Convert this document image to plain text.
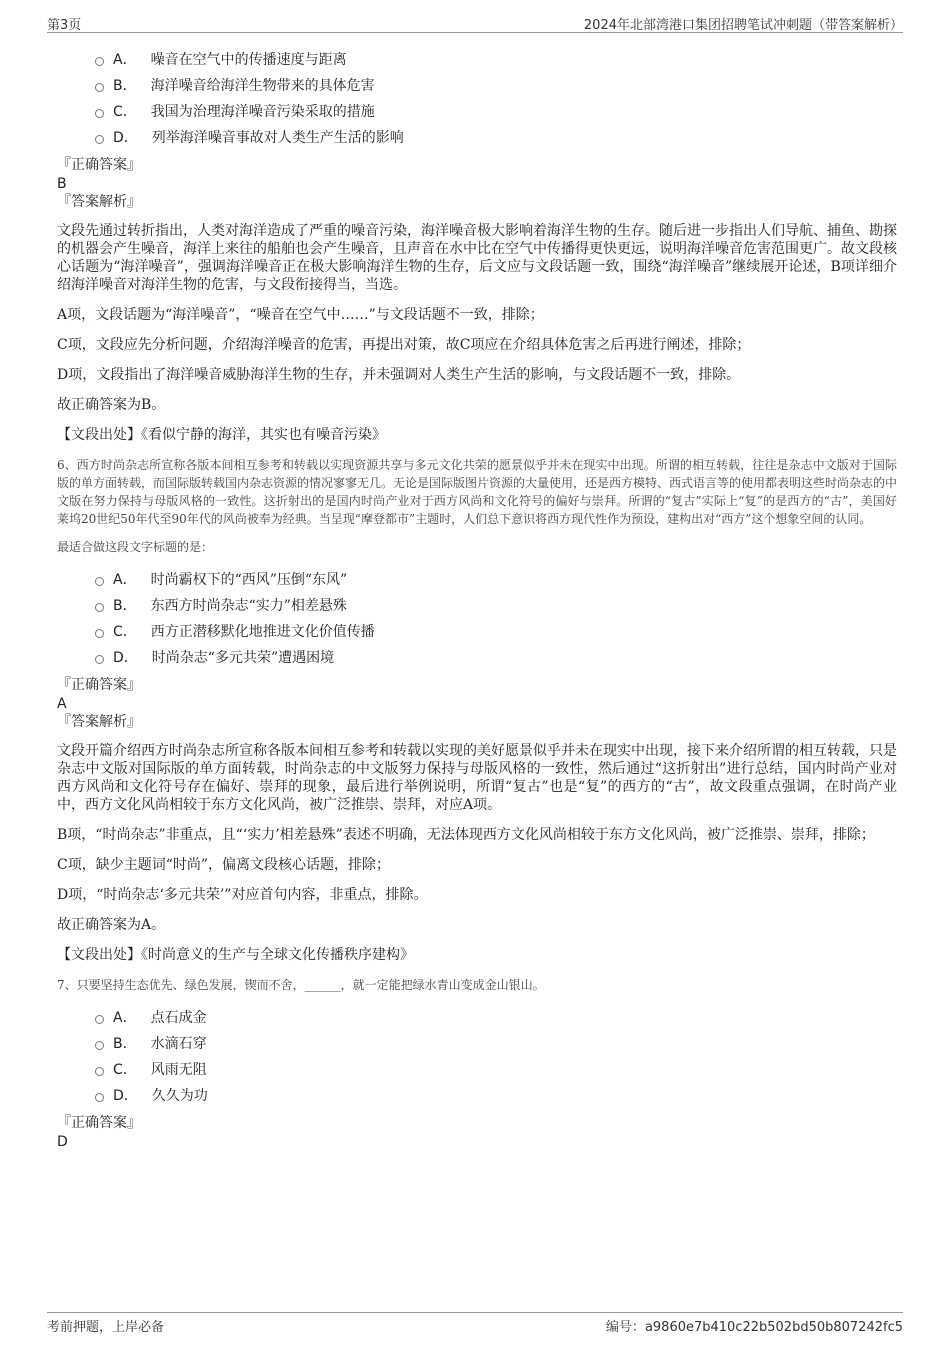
第3页	2024年北部湾港口集团招聘笔试冲刺题（带答案解析）
A． 噪音在空气中的传播速度与距离
B． 海洋噪音给海洋生物带来的具体危害
C． 我国为治理海洋噪音污染采取的措施
D． 列举海洋噪音事故对人类生产生活的影响
『正确答案』
B
『答案解析』

文段先通过转折指出，人类对海洋造成了严重的噪音污染，海洋噪音极大影响着海洋生物的生存。随后进一步指出人们导航、捕鱼、勘探的机器会产生噪音，海洋上来往的船舶也会产生噪音，且声音在水中比在空气中传播得更快更远，说明海洋噪音危害范围更广。故文段核心话题为“海洋噪音”，强调海洋噪音正在极大影响海洋生物的生存，后文应与文段话题一致，围绕“海洋噪音”继续展开论述，B项详细介绍海洋噪音对海洋生物的危害，与文段衔接得当，当选。

A项，文段话题为“海洋噪音”，“噪音在空气中……”与文段话题不一致，排除；

C项，文段应先分析问题，介绍海洋噪音的危害，再提出对策，故C项应在介绍具体危害之后再进行阐述，排除；

D项，文段指出了海洋噪音威胁海洋生物的生存，并未强调对人类生产生活的影响，与文段话题不一致，排除。

故正确答案为B。

【文段出处】《看似宁静的海洋，其实也有噪音污染》

6、西方时尚杂志所宣称各版本间相互参考和转载以实现资源共享与多元文化共荣的愿景似乎并未在现实中出现。所谓的相互转载，往往是杂志中文版对于国际版的单方面转载，而国际版转载国内杂志资源的情况寥寥无几。无论是国际版图片资源的大量使用，还是西方模特、西式语言等的使用都表明这些时尚杂志的中文版在努力保持与母版风格的一致性。这折射出的是国内时尚产业对于西方风尚和文化符号的偏好与崇拜。所谓的“复古”实际上“复”的是西方的“古”，美国好莱坞20世纪50年代至90年代的风尚被奉为经典。当呈现“摩登都市”主题时，人们总下意识将西方现代性作为预设，建构出对“西方”这个想象空间的认同。

最适合做这段文字标题的是：

A． 时尚霸权下的“西风”压倒“东风”
B． 东西方时尚杂志“实力”相差悬殊
C． 西方正潜移默化地推进文化价值传播
D． 时尚杂志“多元共荣”遭遇困境
『正确答案』
A
『答案解析』

文段开篇介绍西方时尚杂志所宣称各版本间相互参考和转载以实现的美好愿景似乎并未在现实中出现，接下来介绍所谓的相互转载，只是杂志中文版对国际版的单方面转载，时尚杂志的中文版努力保持与母版风格的一致性，然后通过“这折射出”进行总结，国内时尚产业对西方风尚和文化符号存在偏好、崇拜的现象，最后进行举例说明，所谓“复古”也是“复”的西方的“古”，故文段重点强调，在时尚产业中，西方文化风尚相较于东方文化风尚，被广泛推崇、崇拜，对应A项。

B项，“时尚杂志”非重点，且“‘实力’相差悬殊”表述不明确，无法体现西方文化风尚相较于东方文化风尚，被广泛推崇、崇拜，排除；

C项，缺少主题词“时尚”，偏离文段核心话题，排除；

D项，“时尚杂志‘多元共荣’”对应首句内容，非重点，排除。

故正确答案为A。

【文段出处】《时尚意义的生产与全球文化传播秩序建构》

7、只要坚持生态优先、绿色发展，锲而不舍，______，就一定能把绿水青山变成金山银山。

A． 点石成金
B． 水滴石穿
C． 风雨无阻
D． 久久为功
『正确答案』
D
考前押题，上岸必备	编号：a9860e7b410c22b502bd50b807242fc5
